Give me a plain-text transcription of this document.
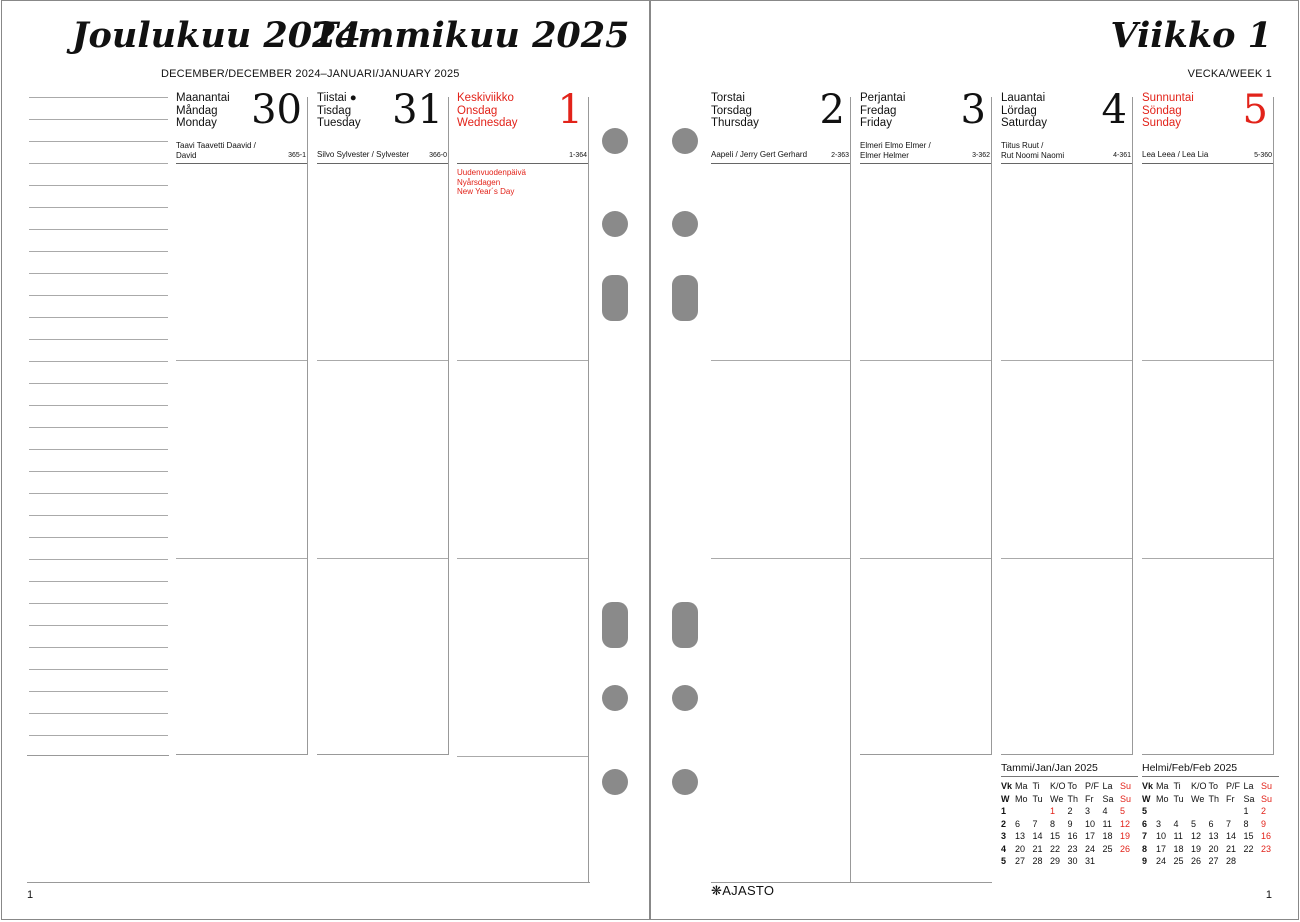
Joulukuu 2024
Tammikuu 2025
DECEMBER/DECEMBER 2024–JANUARI/JANUARY 2025
Maanantai
Måndag
Monday 30
Taavi Taavetti Daavid /
David	365-1
Tiistai ●
Tisdag
Tuesday 31
Silvo Sylvester / Sylvester	366-0
Keskiviikko
Onsdag
Wednesday 1
1-364
Uudenvuodenpäivä
Nyårsdagen
New Year´s Day
1
Viikko 1
VECKA/WEEK 1
Torstai
Torsdag
Thursday 2
Aapeli / Jerry Gert Gerhard	2-363
Perjantai
Fredag
Friday	3
Elmeri Elmo Elmer /
Elmer Helmer	3-362
Lauantai
Lördag
Saturday 4
Tiitus Ruut /
Rut Noomi Naomi	4-361
Sunnuntai
Söndag
Sunday	5
Lea Leea / Lea Lia	5-360
Tammi/Jan/Jan 2025
Vk	Ma	Ti	K/O	To	P/F	La	Su
W	Mo	Tu	We	Th	Fr	Sa	Su
1			1	2	3	4	5
2	6	7	8	9	10	11	12
3	13	14	15	16	17	18	19
4	20	21	22	23	24	25	26
5	27	28	29	30	31		
Helmi/Feb/Feb 2025
Vk	Ma	Ti	K/O	To	P/F	La	Su
W	Mo	Tu	We	Th	Fr	Sa	Su
5						1	2
6	3	4	5	6	7	8	9
7	10	11	12	13	14	15	16
8	17	18	19	20	21	22	23
9	24	25	26	27	28		
❋AJASTO	1
